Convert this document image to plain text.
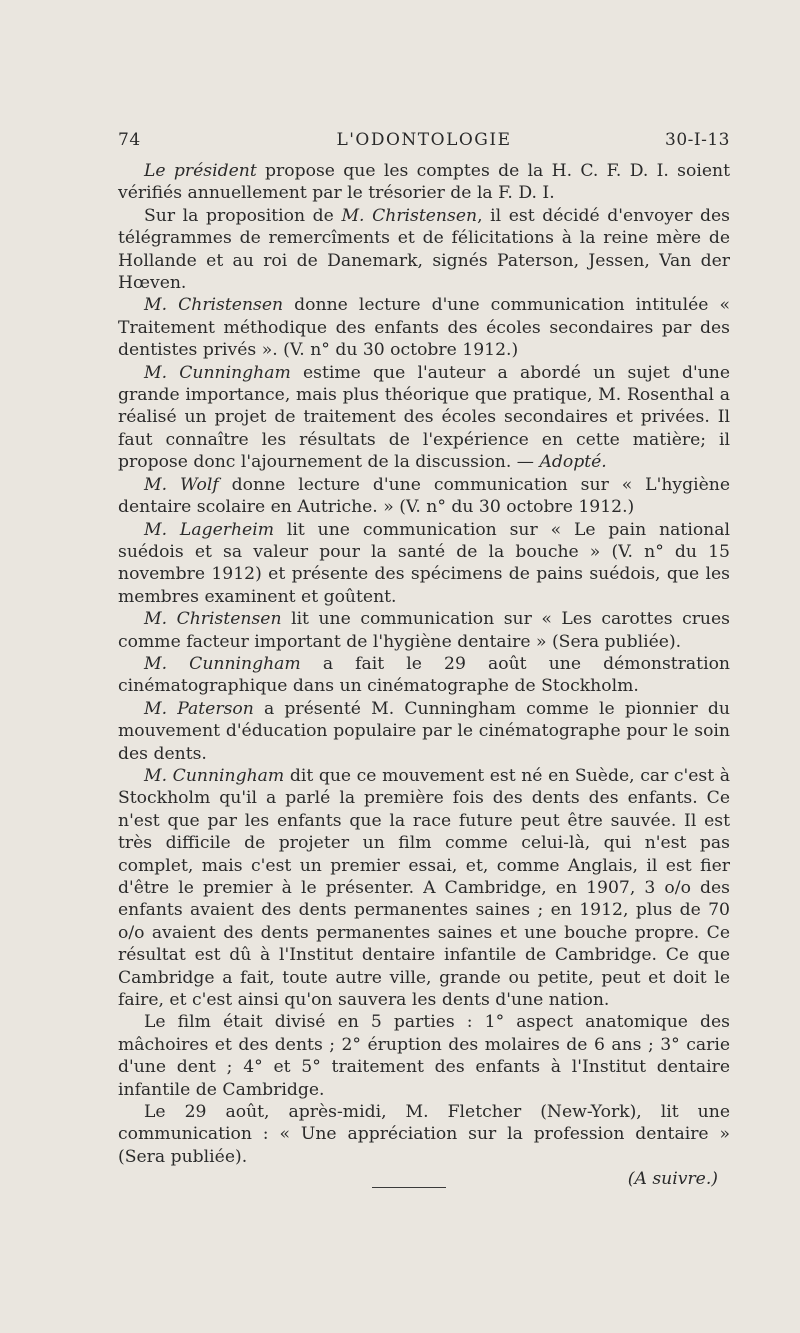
74	L'ODONTOLOGIE	30-I-13

Le président propose que les comptes de la H. C. F. D. I. soient vérifiés annuellement par le trésorier de la F. D. I.

Sur la proposition de M. Christensen, il est décidé d'envoyer des télégrammes de remercîments et de félicitations à la reine mère de Hollande et au roi de Danemark, signés Paterson, Jessen, Van der Hœven.

M. Christensen donne lecture d'une communication intitulée « Traitement méthodique des enfants des écoles secondaires par des dentistes privés ». (V. n° du 30 octobre 1912.)

M. Cunningham estime que l'auteur a abordé un sujet d'une grande importance, mais plus théorique que pratique, M. Rosenthal a réalisé un projet de traitement des écoles secondaires et privées. Il faut connaître les résultats de l'expérience en cette matière; il propose donc l'ajournement de la discussion. — Adopté.

M. Wolf donne lecture d'une communication sur « L'hygiène dentaire scolaire en Autriche. » (V. n° du 30 octobre 1912.)

M. Lagerheim lit une communication sur « Le pain national suédois et sa valeur pour la santé de la bouche » (V. n° du 15 novembre 1912) et présente des spécimens de pains suédois, que les membres examinent et goûtent.

M. Christensen lit une communication sur « Les carottes crues comme facteur important de l'hygiène dentaire » (Sera publiée).

M. Cunningham a fait le 29 août une démonstration cinématographique dans un cinématographe de Stockholm.

M. Paterson a présenté M. Cunningham comme le pionnier du mouvement d'éducation populaire par le cinématographe pour le soin des dents.

M. Cunningham dit que ce mouvement est né en Suède, car c'est à Stockholm qu'il a parlé la première fois des dents des enfants. Ce n'est que par les enfants que la race future peut être sauvée. Il est très difficile de projeter un film comme celui-là, qui n'est pas complet, mais c'est un premier essai, et, comme Anglais, il est fier d'être le premier à le présenter. A Cambridge, en 1907, 3 o/o des enfants avaient des dents permanentes saines ; en 1912, plus de 70 o/o avaient des dents permanentes saines et une bouche propre. Ce résultat est dû à l'Institut dentaire infantile de Cambridge. Ce que Cambridge a fait, toute autre ville, grande ou petite, peut et doit le faire, et c'est ainsi qu'on sauvera les dents d'une nation.

Le film était divisé en 5 parties : 1° aspect anatomique des mâchoires et des dents ; 2° éruption des molaires de 6 ans ; 3° carie d'une dent ; 4° et 5° traitement des enfants à l'Institut dentaire infantile de Cambridge.

Le 29 août, après-midi, M. Fletcher (New-York), lit une communication : « Une appréciation sur la profession dentaire » (Sera publiée).

(A suivre.)
